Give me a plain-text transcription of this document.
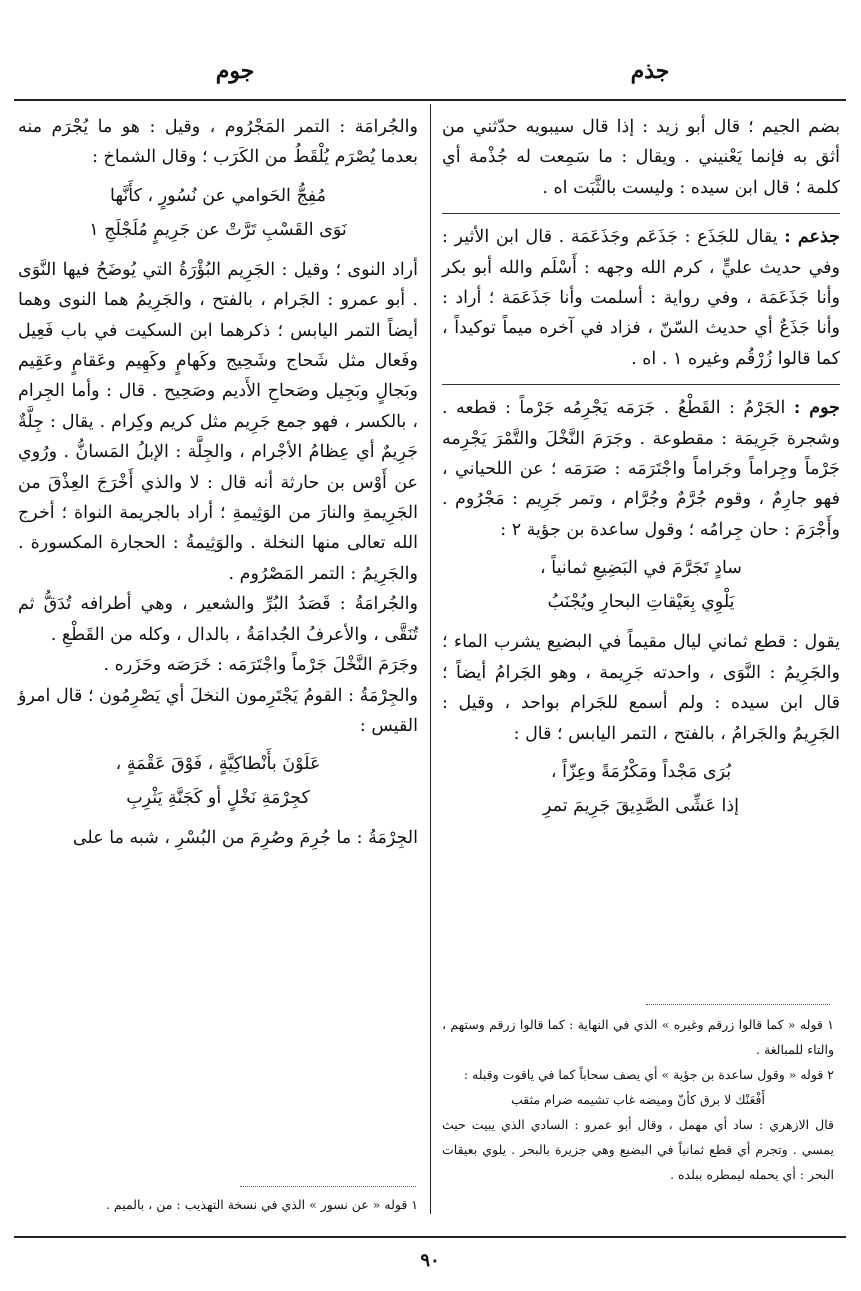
جذم
جوم

بضم الجيم ؛ قال أبو زيد : إذا قال سيبويه حدّثني من أثق به فإنما يَعْنيني . ويقال : ما سَمِعت له جُذْمة أي كلمة ؛ قال ابن سيده : وليست بالثَّبَت اه .

جذعم : يقال للجَذَع : جَذَعَم وجَذَعَمَة . قال ابن الأثير : وفي حديث عليٍّ ، كرم الله وجهه : أَسْلَم والله أبو بكر وأنا جَذَعَمَة ، وفي رواية : أسلمت وأنا جَذَعَمَة ؛ أراد : وأنا جَذَعٌ أي حديث السّنّ ، فزاد في آخره ميماً توكيداً ، كما قالوا زُرْقُم وغيره ١ . اه .

جوم : الجَرْمُ : القَطْعُ . جَرَمَه يَجْرِمُه جَرْماً : قطعه . وشجرة جَرِيمَة : مقطوعة . وجَرَمَ النَّخْلَ والتَّمْرَ يَجْرِمه جَرْماً وجِراماً وجَراماً واجْتَرَمَه : صَرَمَه ؛ عن اللحياني ، فهو جارِمٌ ، وقوم جُرَّمٌ وجُرَّام ، وتمر جَرِيم : مَجْرُوم . وأَجْرَمَ : حان جِرامُه ؛ وقول ساعدة بن جؤية ٢ :

سادٍ تَجَرَّمَ في البَضِيعِ ثمانياً ،
يَلْوِي بِعَيْقاتِ البحارِ ويُجْنَبُ

يقول : قطع ثماني ليال مقيماً في البضيع يشرب الماء ؛ والجَرِيمُ : النَّوَى ، واحدته جَرِيمة ، وهو الجَرامُ أيضاً ؛ قال ابن سيده : ولم أسمع للجَرام بواحد ، وقيل : الجَرِيمُ والجَرامُ ، بالفتح ، التمر اليابس ؛ قال :

بُرَى مَجْداً ومَكْرُمَةً وعِزّاً ،
إذا عَشِّى الصَّدِيقَ جَرِيمَ تمرِ

١ قوله « كما قالوا زرقم وغيره » الذي في النهاية : كما قالوا زرقم وستهم ، والتاء للمبالغة .

٢ قوله « وقول ساعدة بن جؤية » أي يصف سحاباً كما في ياقوت وقبله :

أَفْعَنْك لا برق كأنّ وميضه غاب تشيمه ضرام مثقب

قال الازهري : ساد أي مهمل ، وقال أبو عمرو : السادي الذي يبيت حيث يمسي . وتجرم أي قطع ثمانياً في البضيع وهي جزيرة بالبحر . يلوي بعيقات البحر : أي يحمله ليمطره ببلده .

والجُرامَة : التمر المَجْرُوم ، وقيل : هو ما يُجْرَم منه بعدما يُصْرَم يُلْقَطُ من الكَرَب ؛ وقال الشماخ :

مُفِجُّ الحَوامي عن نُسُورٍ ، كأَنَّها
نَوَى القَسْبِ تَرَّتْ عن جَرِيمٍ مُلَجْلَجِ ١

أراد النوى ؛ وقيل : الجَرِيم البُؤْرَةُ التي يُوضَحُ فيها النَّوَى . أبو عمرو : الجَرام ، بالفتح ، والجَرِيمُ هما النوى وهما أيضاً التمر اليابس ؛ ذكرهما ابن السكيت في باب فَعِيل وفَعال مثل شَحاج وشَحِيج وكَهامٍ وكَهِيم وعَقامٍ وعَقِيم وبَجالٍ وبَجِيل وصَحاحِ الأَديم وصَحِيح . قال : وأما الجِرام ، بالكسر ، فهو جمع جَرِيم مثل كريم وكِرام . يقال : جِلَّةٌ جَرِيمٌ أي عِظامُ الأجْرام ، والجِلَّة : الإبلُ المَسانُّ . ورُوي عن أَوْس بن حارثة أنه قال : لا والذي أَخْرَجَ العِذْقَ من الجَرِيمةِ والنارَ من الوَثِيمةِ ؛ أراد بالجريمة النواة ؛ أخرج الله تعالى منها النخلة . والوَثِيمةُ : الحجارة المكسورة . والجَرِيمُ : التمر المَصْرُوم .

والجُرامَةُ : قَصَدُ البُرِّ والشعير ، وهي أطرافه تُدَقُّ ثم تُنَقَّى ، والأعرفُ الجُدامَةُ ، بالدال ، وكله من القَطْعِ .

وجَرَمَ النَّخْلَ جَرْماً واجْتَرَمَه : خَرَصَه وحَزَره .

والجِرْمَةُ : القومُ يَجْتَرِمون النخلَ أي يَصْرِمُون ؛ قال امرؤ القيس :

عَلَوْنَ بأَنْطاكِيَّةٍ ، فَوْقَ عَقْمَةٍ ،
كجِرْمَةِ نَخْلٍ أو كَجَنَّةِ يَثْرِبِ

الجِرْمَةُ : ما جُرِمَ وصُرِمَ من البُسْرِ ، شبه ما على

١ قوله « عن نسور » الذي في نسخة التهذيب : من ، بالميم .

٩٠
